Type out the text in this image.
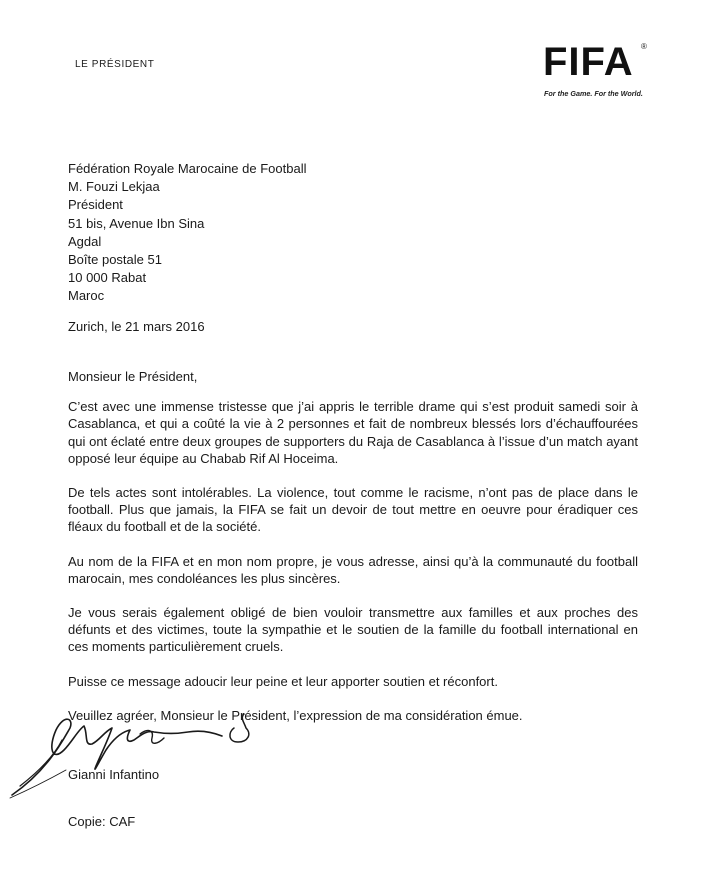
LE PRÉSIDENT	FIFA ®
For the Game. For the World.
Fédération Royale Marocaine de Football
M. Fouzi Lekjaa
Président
51 bis, Avenue Ibn Sina
Agdal
Boîte postale 51
10 000 Rabat
Maroc
Zurich, le 21 mars 2016

Monsieur le Président,

C’est avec une immense tristesse que j’ai appris le terrible drame qui s’est produit samedi soir à Casablanca, et qui a coûté la vie à 2 personnes et fait de nombreux blessés lors d’échauffourées qui ont éclaté entre deux groupes de supporters du Raja de Casablanca à l’issue d’un match ayant opposé leur équipe au Chabab Rif Al Hoceima.

De tels actes sont intolérables. La violence, tout comme le racisme, n’ont pas de place dans le football. Plus que jamais, la FIFA se fait un devoir de tout mettre en oeuvre pour éradiquer ces fléaux du football et de la société.

Au nom de la FIFA et en mon nom propre, je vous adresse, ainsi qu’à la communauté du football marocain, mes condoléances les plus sincères.

Je vous serais également obligé de bien vouloir transmettre aux familles et aux proches des défunts et des victimes, toute la sympathie et le soutien de la famille du football international en ces moments particulièrement cruels.

Puisse ce message adoucir leur peine et leur apporter soutien et réconfort.

Veuillez agréer, Monsieur le Président, l’expression de ma considération émue.

Gianni Infantino
Copie: CAF
